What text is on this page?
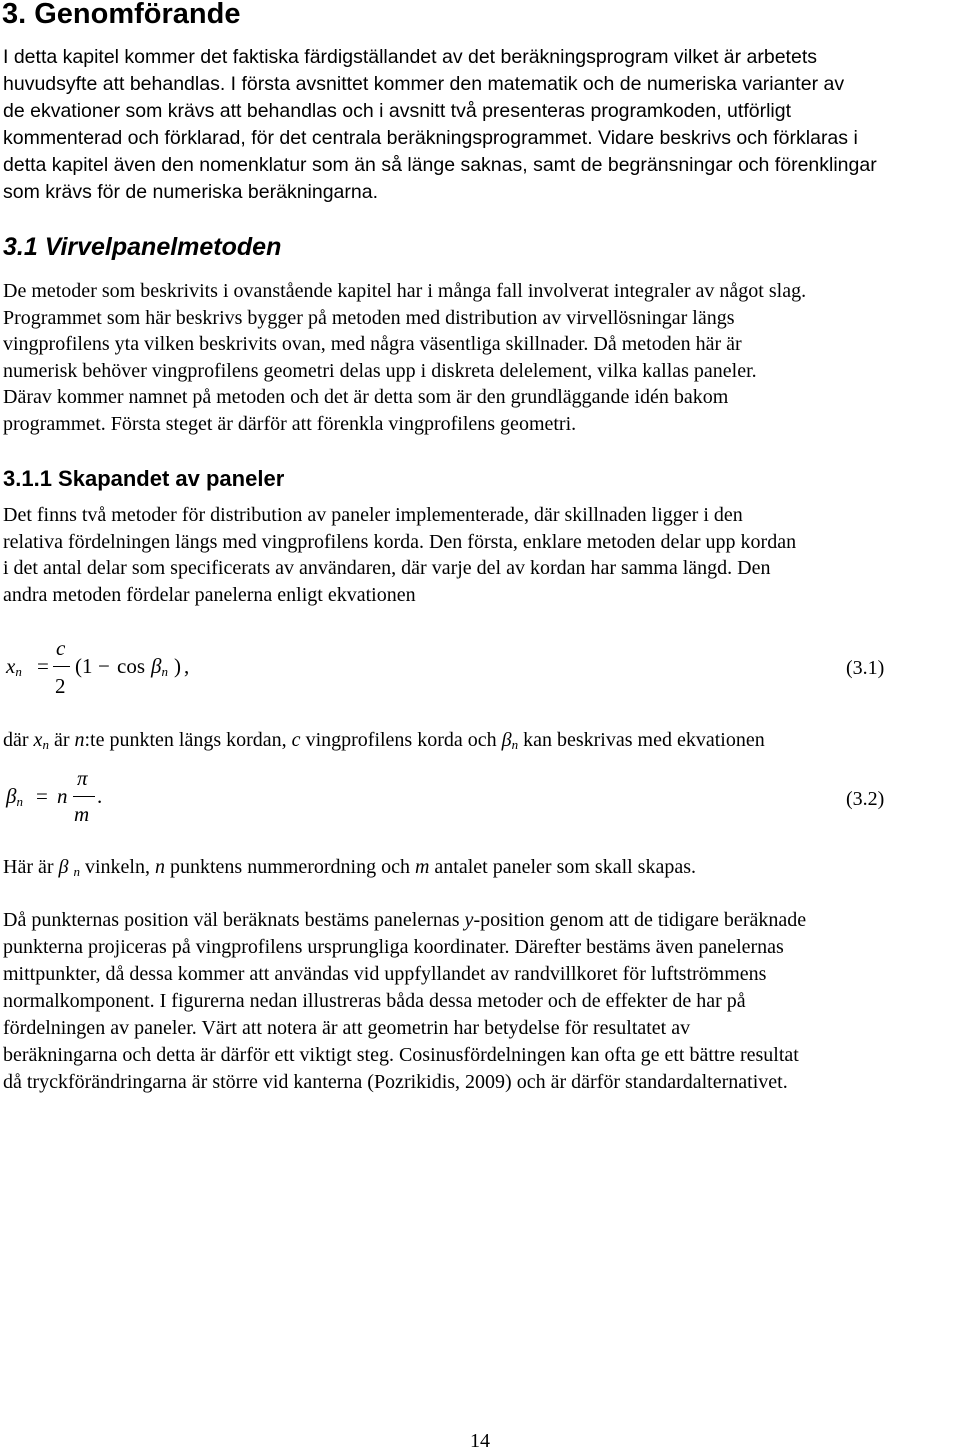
3. Genomförande

I detta kapitel kommer det faktiska färdigställandet av det beräkningsprogram vilket är arbetets
huvudsyfte att behandlas. I första avsnittet kommer den matematik och de numeriska varianter av
de ekvationer som krävs att behandlas och i avsnitt två presenteras programkoden, utförligt
kommenterad och förklarad, för det centrala beräkningsprogrammet. Vidare beskrivs och förklaras i
detta kapitel även den nomenklatur som än så länge saknas, samt de begränsningar och förenklingar
som krävs för de numeriska beräkningarna.

3.1 Virvelpanelmetoden

De metoder som beskrivits i ovanstående kapitel har i många fall involverat integraler av något slag.
Programmet som här beskrivs bygger på metoden med distribution av virvellösningar längs
vingprofilens yta vilken beskrivits ovan, med några väsentliga skillnader. Då metoden här är
numerisk behöver vingprofilens geometri delas upp i diskreta delelement, vilka kallas paneler.
Därav kommer namnet på metoden och det är detta som är den grundläggande idén bakom
programmet. Första steget är därför att förenkla vingprofilens geometri.

3.1.1 Skapandet av paneler

Det finns två metoder för distribution av paneler implementerade, där skillnaden ligger i den
relativa fördelningen längs med vingprofilens korda. Den första, enklare metoden delar upp kordan
i det antal delar som specificerats av användaren, där varje del av kordan har samma längd. Den
andra metoden fördelar panelerna enligt ekvationen

$x_n$ =
c
2
($1 - \cos \beta_n$ ) ,	(3.1)

där $x_n$ är n:te punkten längs kordan, c vingprofilens korda och $\beta_n$ kan beskrivas med ekvationen

$\beta_n = n$
π
m
.	(3.2)

Här är β $_n$ vinkeln, n punktens nummerordning och m antalet paneler som skall skapas.

Då punkternas position väl beräknats bestäms panelernas y-position genom att de tidigare beräknade

punkterna projiceras på vingprofilens ursprungliga koordinater. Därefter bestäms även panelernas
mittpunkter, då dessa kommer att användas vid uppfyllandet av randvillkoret för luftströmmens
normalkomponent. I figurerna nedan illustreras båda dessa metoder och de effekter de har på
fördelningen av paneler. Värt att notera är att geometrin har betydelse för resultatet av
beräkningarna och detta är därför ett viktigt steg. Cosinusfördelningen kan ofta ge ett bättre resultat
då tryckförändringarna är större vid kanterna (Pozrikidis, 2009) och är därför standardalternativet.

14
